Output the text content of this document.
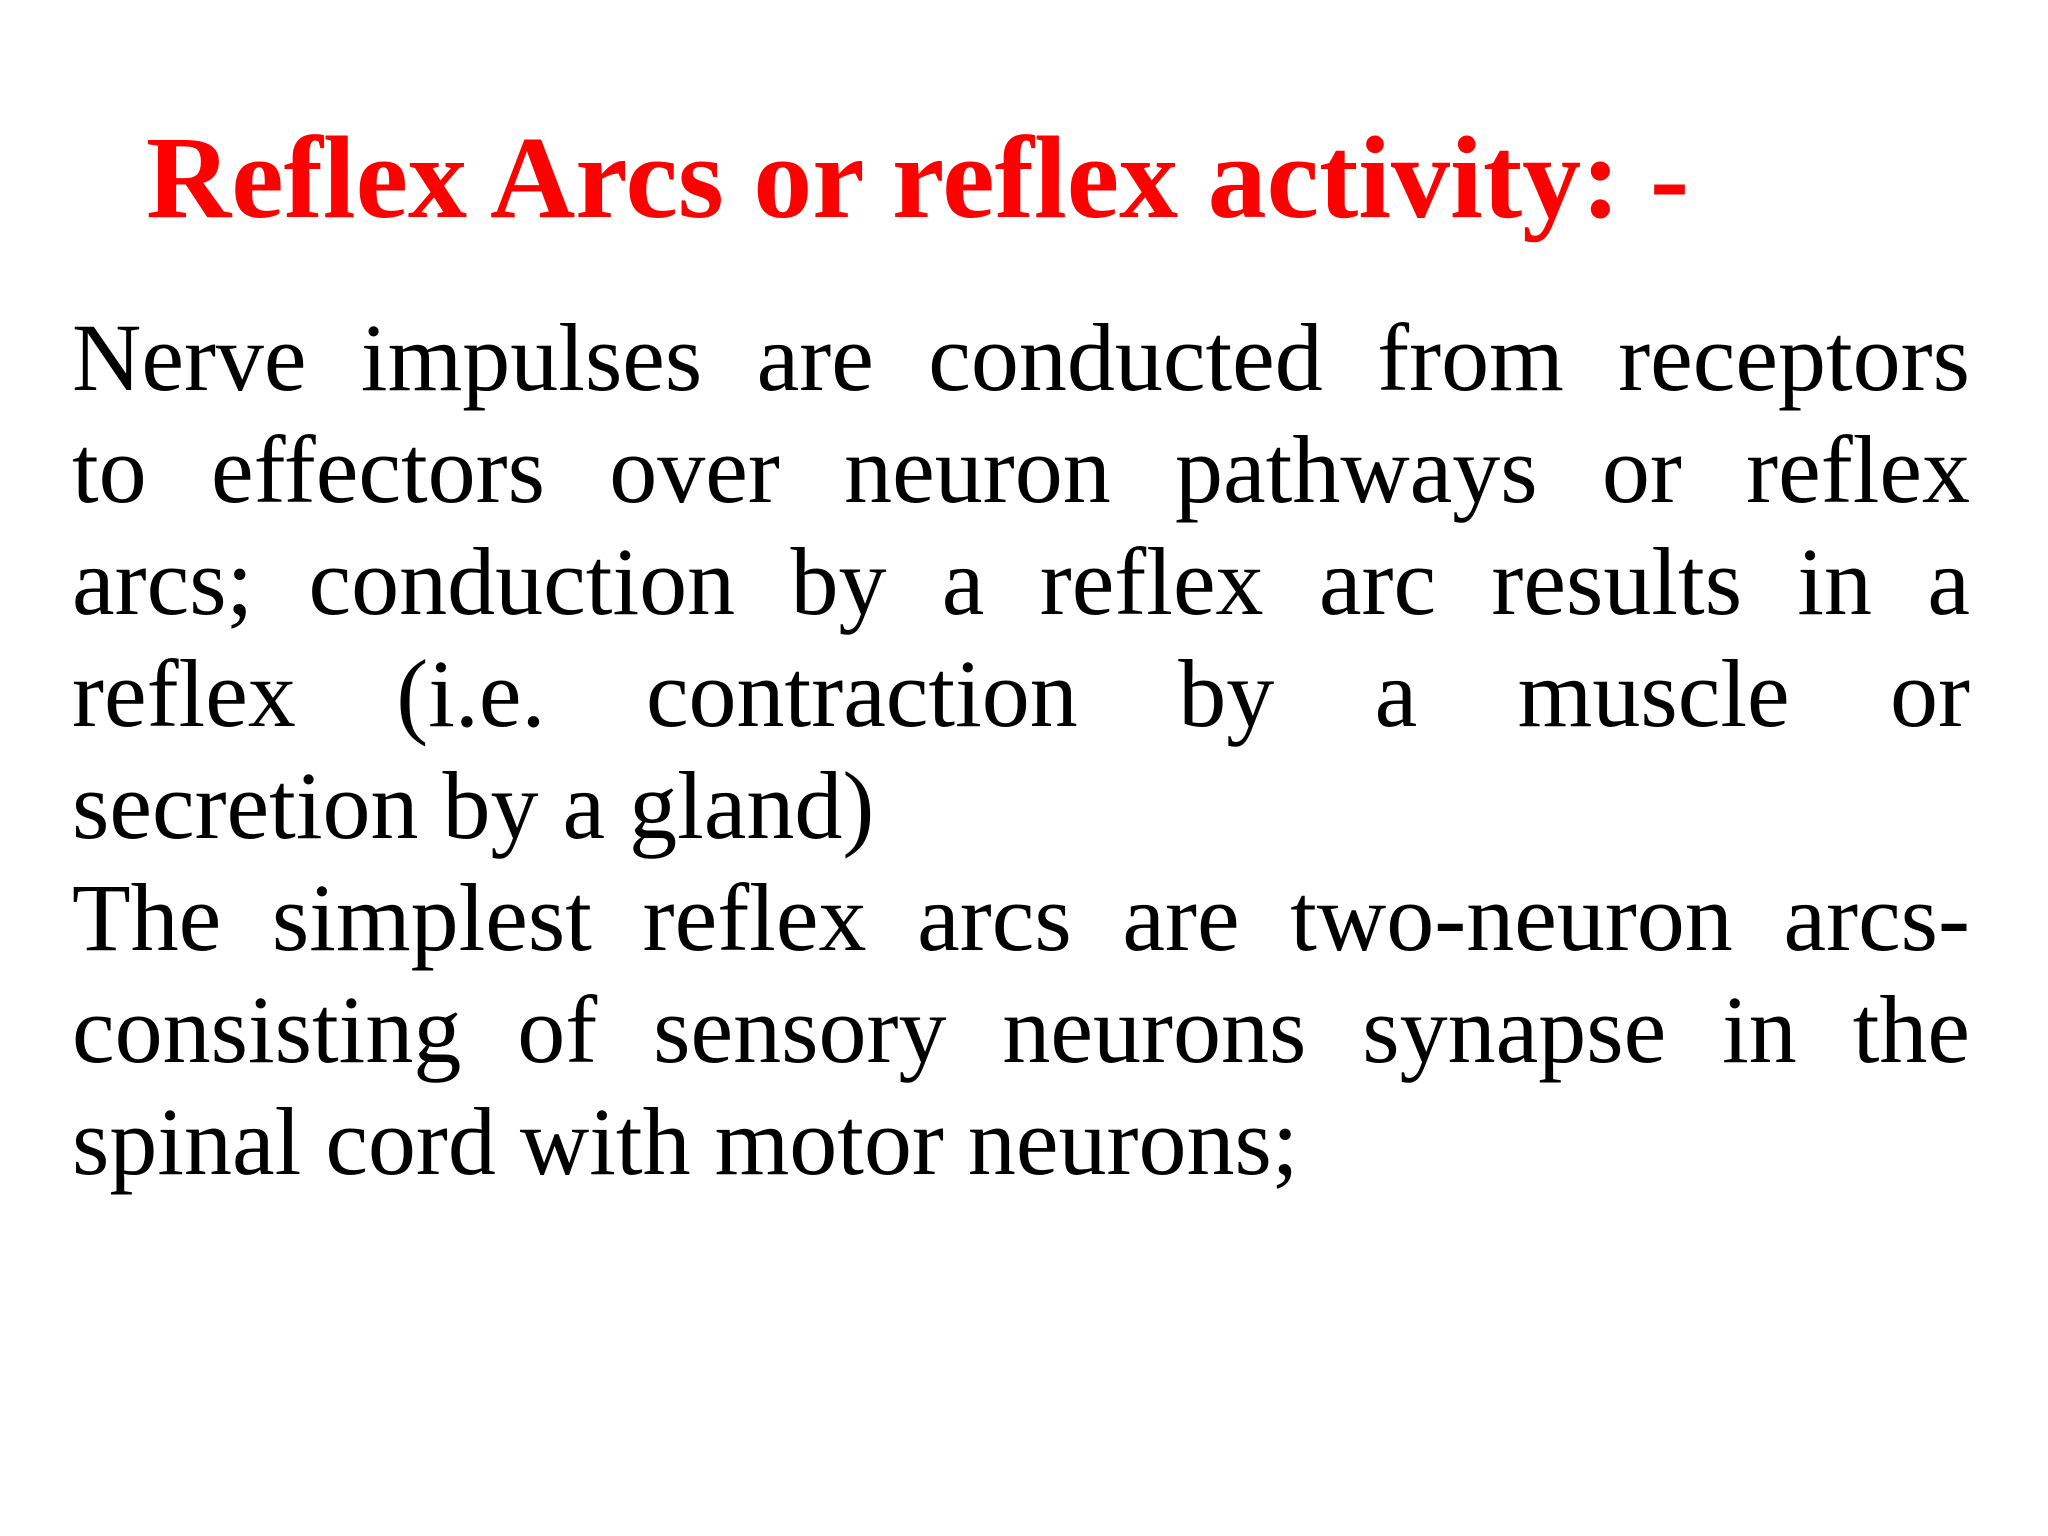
Reflex Arcs or reflex activity: -
Nerve impulses are conducted from receptors
to effectors over neuron pathways or reflex
arcs; conduction by a reflex arc results in a
reflex (i.e. contraction by a muscle or
secretion by a gland)
The simplest reflex arcs are two-neuron arcs-
consisting of sensory neurons synapse in the
spinal cord with motor neurons;
